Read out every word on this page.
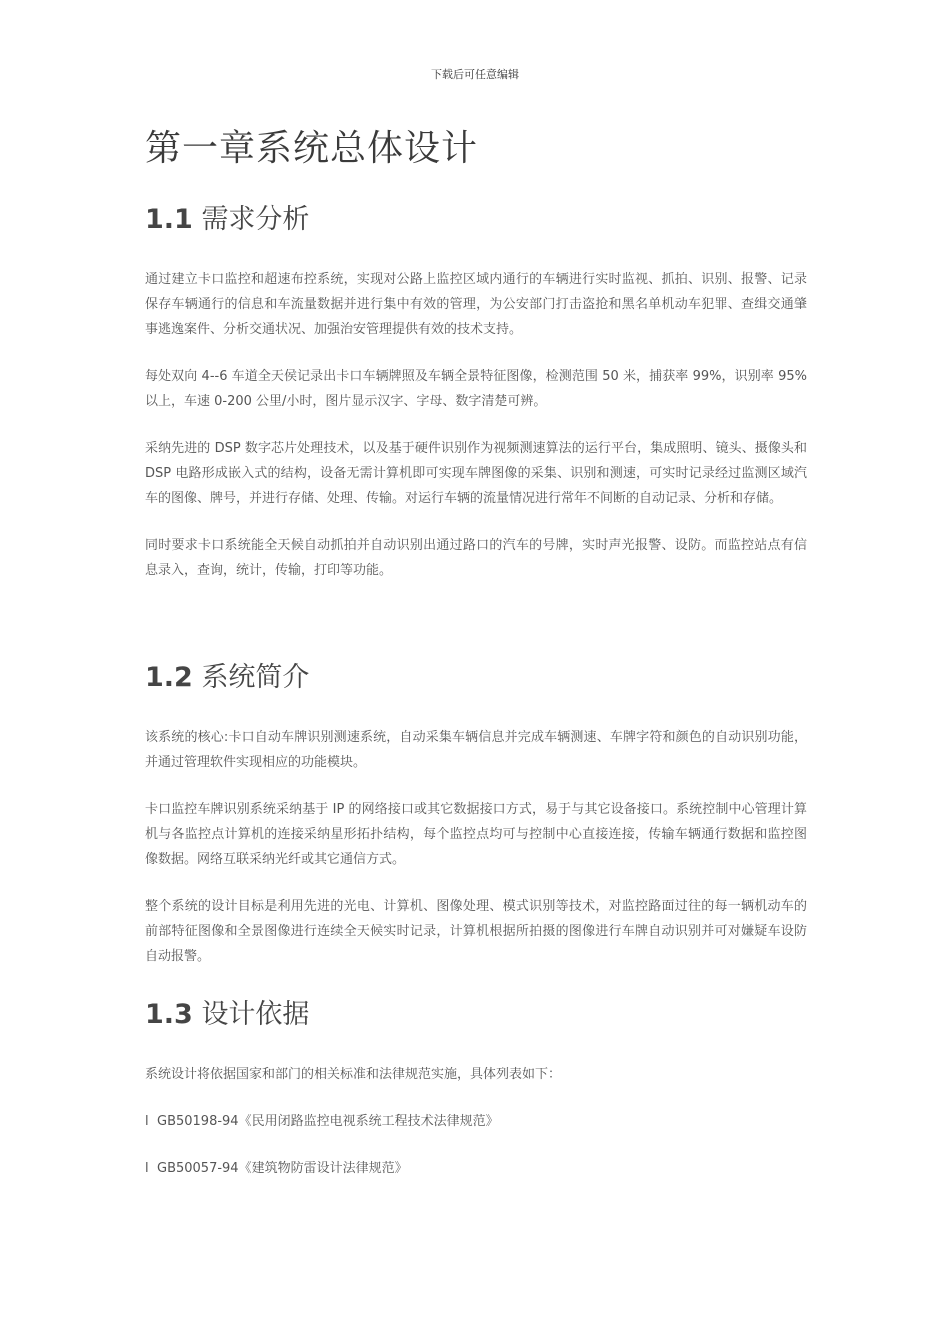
下载后可任意编辑
第一章系统总体设计
1.1 需求分析

通过建立卡口监控和超速布控系统，实现对公路上监控区域内通行的车辆进行实时监视、抓拍、识别、报警、记录保存车辆通行的信息和车流量数据并进行集中有效的管理，为公安部门打击盗抢和黑名单机动车犯罪、查缉交通肇事逃逸案件、分析交通状况、加强治安管理提供有效的技术支持。

每处双向 4--6 车道全天侯记录出卡口车辆牌照及车辆全景特征图像，检测范围 50 米，捕获率 99%，识别率 95%以上，车速 0-200 公里/小时，图片显示汉字、字母、数字清楚可辨。

采纳先进的 DSP 数字芯片处理技术，以及基于硬件识别作为视频测速算法的运行平台，集成照明、镜头、摄像头和 DSP 电路形成嵌入式的结构，设备无需计算机即可实现车牌图像的采集、识别和测速，可实时记录经过监测区域汽车的图像、牌号，并进行存储、处理、传输。对运行车辆的流量情况进行常年不间断的自动记录、分析和存储。

同时要求卡口系统能全天候自动抓拍并自动识别出通过路口的汽车的号牌，实时声光报警、设防。而监控站点有信息录入，查询，统计，传输，打印等功能。

1.2 系统简介

该系统的核心:卡口自动车牌识别测速系统，自动采集车辆信息并完成车辆测速、车牌字符和颜色的自动识别功能，并通过管理软件实现相应的功能模块。

卡口监控车牌识别系统采纳基于 IP 的网络接口或其它数据接口方式，易于与其它设备接口。系统控制中心管理计算机与各监控点计算机的连接采纳星形拓扑结构，每个监控点均可与控制中心直接连接，传输车辆通行数据和监控图像数据。网络互联采纳光纤或其它通信方式。

整个系统的设计目标是利用先进的光电、计算机、图像处理、模式识别等技术，对监控路面过往的每一辆机动车的前部特征图像和全景图像进行连续全天候实时记录，计算机根据所拍摄的图像进行车牌自动识别并可对嫌疑车设防自动报警。

1.3 设计依据

系统设计将依据国家和部门的相关标准和法律规范实施，具体列表如下：

l GB50198-94《民用闭路监控电视系统工程技术法律规范》
l GB50057-94《建筑物防雷设计法律规范》
